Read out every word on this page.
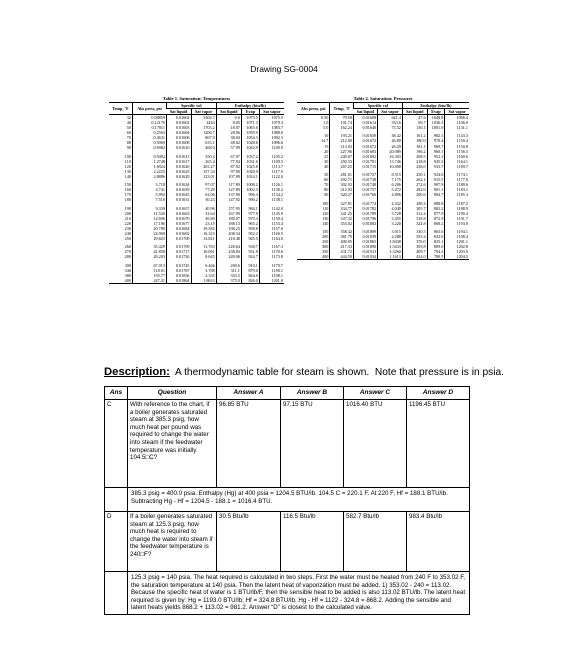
Drawing SG-0004
Table 1. Saturation: Temperatures						
Temp, °F	Abs press, psi	Specific vol		Enthalpy (btu/lb)		
		Sat liquid	Sat vapor	Sat liquid	Evap	Sat vapor
32	0.08859	0.01602	3304.7	0.0	1075.5	1075.5
40	0.12170	0.01602	2444	8.05	1071.3	1079.3
50	0.17811	0.01603	1703.2	18.07	1065.6	1083.7
60	0.2563	0.01604	1206.7	28.06	1059.9	1088.0
70	0.3631	0.01606	867.9	38.04	1054.3	1092.3
80	0.5069	0.01608	633.1	48.02	1048.6	1096.6
90	0.6982	0.01610	468.0	57.99	1042.9	1100.9
100	0.9492	0.01613	350.4	67.97	1037.2	1105.2
110	1.2748	0.01617	265.4	77.94	1031.6	1109.5
120	1.6924	0.01620	203.27	87.92	1025.8	1113.7
130	2.2225	0.01625	157.34	97.90	1020.0	1117.9
140	2.8886	0.01629	123.01	107.89	1014.1	1122.0
150	3.718	0.01634	97.07	117.89	1008.2	1126.1
160	4.741	0.01639	77.29	127.89	1002.3	1130.2
170	5.992	0.01645	62.06	137.90	996.3	1134.2
180	7.510	0.01651	50.23	147.92	990.2	1138.1
190	9.339	0.01657	40.96	157.95	984.1	1142.0
200	11.526	0.01663	33.64	167.99	977.9	1145.9
210	14.696	0.01670	26.80	180.07	970.3	1150.4
220	17.186	0.01677	23.15	188.13	965.2	1153.4
230	20.780	0.01684	19.382	198.23	958.8	1157.0
240	24.969	0.01692	16.323	208.34	952.2	1160.5
250	29.825	0.01700	13.821	218.48	945.5	1164.0
260	35.429	0.01709	11.763	228.64	938.7	1167.3
270	41.858	0.01717	10.061	238.84	931.8	1170.6
280	49.203	0.01726	8.645	249.06	924.7	1173.8
300	67.013	0.01745	6.466	269.6	910.1	1179.7
340	118.01	0.01787	3.788	311.1	879.0	1190.1
380	195.77	0.01836	2.335	353.5	844.6	1198.1
400	247.31	0.01864	1.8633	375.0	826.0	1201.0
Table 2. Saturation: Pressures						
Abs press, psi	Temp, °F	Specific vol		Enthalpy (btu/lb)		
		Sat liquid	Sat vapor	Sat liquid	Evap	Sat vapor
0.50	79.58	0.01608	641.4	47.6	1048.8	1096.4
1.0	101.74	0.01614	333.6	69.7	1036.3	1106.0
5.0	162.24	0.01640	73.52	130.1	1001.0	1131.1
10	193.21	0.01659	38.42	161.2	982.1	1143.3
14.7	212.00	0.01672	26.80	180.0	970.4	1150.4
15	213.03	0.01672	26.29	181.1	969.7	1150.8
20	227.96	0.01683	20.089	196.2	960.1	1156.3
25	240.07	0.01692	16.303	208.5	952.1	1160.6
30	250.33	0.01701	13.746	218.8	945.3	1164.1
40	267.25	0.01715	10.498	236.0	933.7	1169.7
50	281.01	0.01727	8.515	250.1	924.0	1174.1
60	292.71	0.01738	7.175	262.1	915.5	1177.6
70	302.92	0.01748	6.206	272.6	907.9	1180.6
80	312.03	0.01757	5.472	282.0	901.1	1183.1
90	320.27	0.01766	4.896	290.6	894.7	1185.3
100	327.81	0.01774	4.432	298.4	888.8	1187.2
110	334.77	0.01782	4.049	305.7	883.2	1188.9
120	341.25	0.01789	3.728	312.4	877.9	1190.4
130	347.32	0.01796	3.455	318.8	872.9	1191.7
140	353.02	0.01802	3.220	324.8	868.2	1193.0
150	358.42	0.01809	3.015	330.5	863.6	1194.1
200	381.79	0.01839	2.288	355.4	843.0	1198.4
250	400.95	0.01865	1.8438	376.0	825.1	1201.1
300	417.33	0.01890	1.5433	393.8	809.0	1202.8
350	431.72	0.01913	1.3260	409.7	794.2	1203.9
400	444.59	0.01934	1.1613	424.0	780.5	1204.5
Description:  A thermodynamic table for steam is shown.  Note that pressure is in psia.
Ans	Question	Answer A	Answer B	Answer C	Answer D
C	With reference to the chart, if a boiler generates saturated steam at 385.3 psig, how much heat per pound was required to change the water into steam if the feedwater temperature was initially 104.5□C?	96.85 BTU	97.15 BTU	1016.40 BTU	1196.45 BTU
	385.3 psig = 400.0 psia. Enthalpy (Hg) at 400 psia = 1204.5 BTU/lb. 104.5 C = 220.1 F. At 220 F, Hf = 188.1 BTU/lb. Subtracting Hg - Hf = 1204.5 - 188.1 = 1016.4 BTU.				
D	If a boiler generates saturated steam at 125.3 psig, how much heat is required to change the water into steam if the feedwater temperature is 240□F?	30.5 Btu/lb	116.5 Btu/lb	582.7 Btu/lb	983.4 Btu/lb
	125.3 psig = 140 psia. The heat required is calculated in two steps. First the water must be heated from 240 F to 353.02 F, the saturation temperature at 140 psia. Then the latent heat of vaporization must be added. 1) 353.02 - 240 = 113.02. Because the specific heat of water is 1 BTU/lb/F, then the sensible heat to be added is also 113.02 BTU/lb. The latent heat required is given by: Hg = 1193.0 BTU/lb; Hf = 324.8 BTU/lb. Hg - Hf = 1122 - 324.8 = 868.2. Adding the sensible and latent heats yields 868.2 + 113.02 = 981.2. Answer “D” is closest to the calculated value.				
